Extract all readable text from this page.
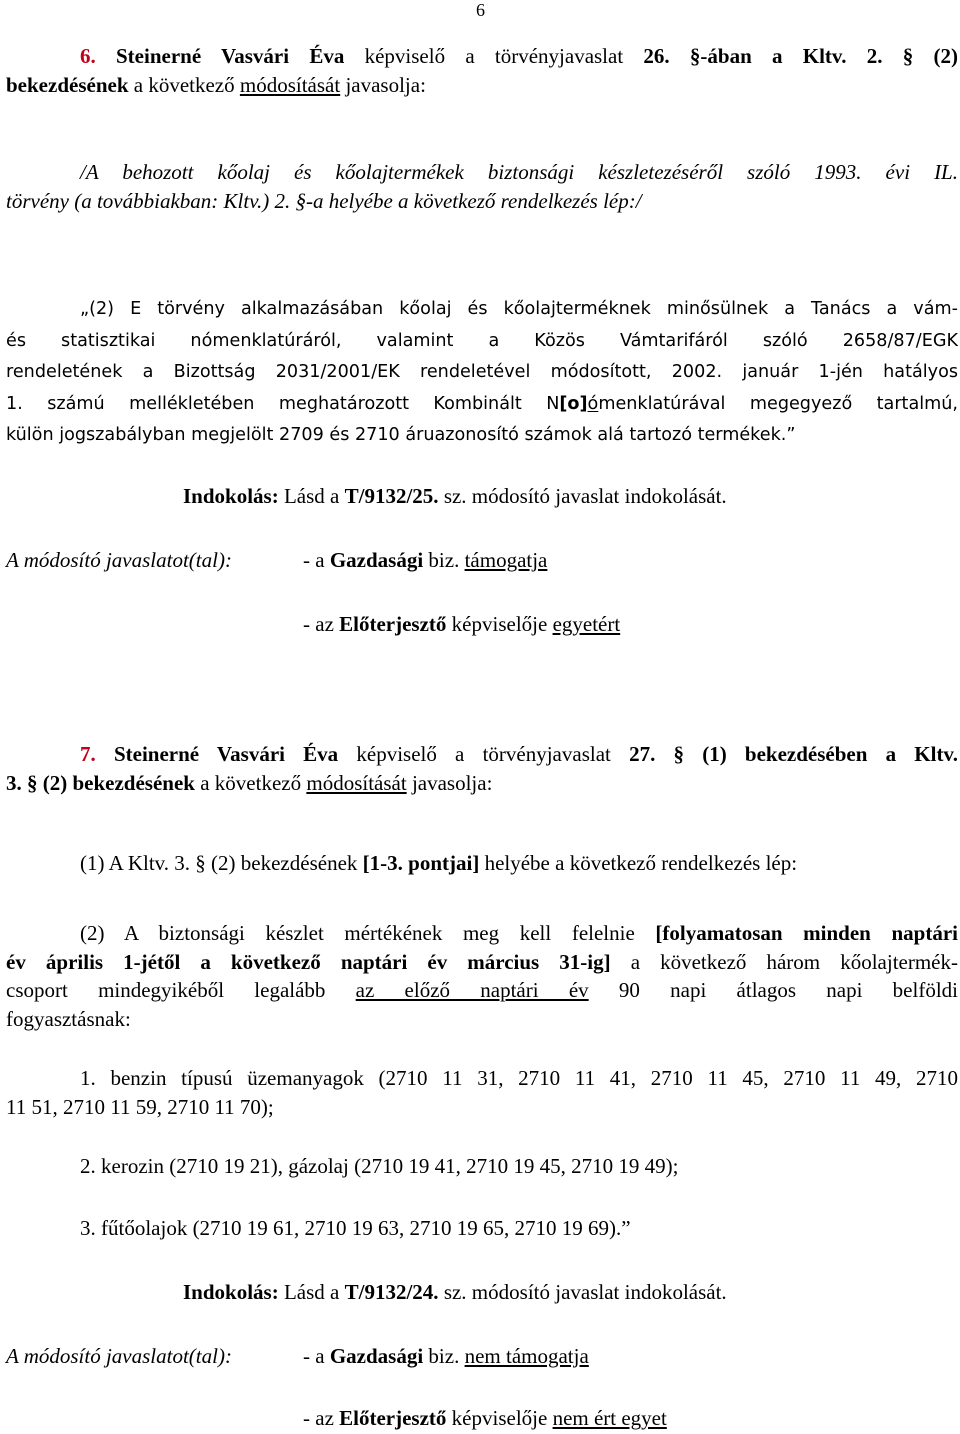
6
6. Steinerné Vasvári Éva képviselő a törvényjavaslat 26. §-ában a Kltv. 2. § (2)
bekezdésének a következő módosítását javasolja:
/A behozott kőolaj és kőolajtermékek biztonsági készletezéséről szóló 1993. évi IL.
törvény (a továbbiakban: Kltv.) 2. §-a helyébe a következő rendelkezés lép:/
„(2) E törvény alkalmazásában kőolaj és kőolajterméknek minősülnek a Tanács a vám-
és statisztikai nómenklatúráról, valamint a Közös Vámtarifáról szóló 2658/87/EGK
rendeletének a Bizottság 2031/2001/EK rendeletével módosított, 2002. január 1-jén hatályos
1. számú mellékletében meghatározott Kombinált N[o]ómenklatúrával megegyező tartalmú,
külön jogszabályban megjelölt 2709 és 2710 áruazonosító számok alá tartozó termékek.”
Indokolás: Lásd a T/9132/25. sz. módosító javaslat indokolását.
A módosító javaslatot(tal):	- a Gazdasági biz. támogatja
- az Előterjesztő képviselője egyetért
7. Steinerné Vasvári Éva képviselő a törvényjavaslat 27. § (1) bekezdésében a Kltv.
3. § (2) bekezdésének a következő módosítását javasolja:
(1) A Kltv. 3. § (2) bekezdésének [1-3. pontjai] helyébe a következő rendelkezés lép:
(2) A biztonsági készlet mértékének meg kell felelnie [folyamatosan minden naptári
év április 1-jétől a következő naptári év március 31-ig] a következő három kőolajtermék-
csoport mindegyikéből legalább az előző naptári év 90 napi átlagos napi belföldi
fogyasztásnak:
1. benzin típusú üzemanyagok (2710 11 31, 2710 11 41, 2710 11 45, 2710 11 49, 2710
11 51, 2710 11 59, 2710 11 70);
2. kerozin (2710 19 21), gázolaj (2710 19 41, 2710 19 45, 2710 19 49);
3. fűtőolajok (2710 19 61, 2710 19 63, 2710 19 65, 2710 19 69).”
Indokolás: Lásd a T/9132/24. sz. módosító javaslat indokolását.
A módosító javaslatot(tal):	- a Gazdasági biz. nem támogatja
- az Előterjesztő képviselője nem ért egyet
